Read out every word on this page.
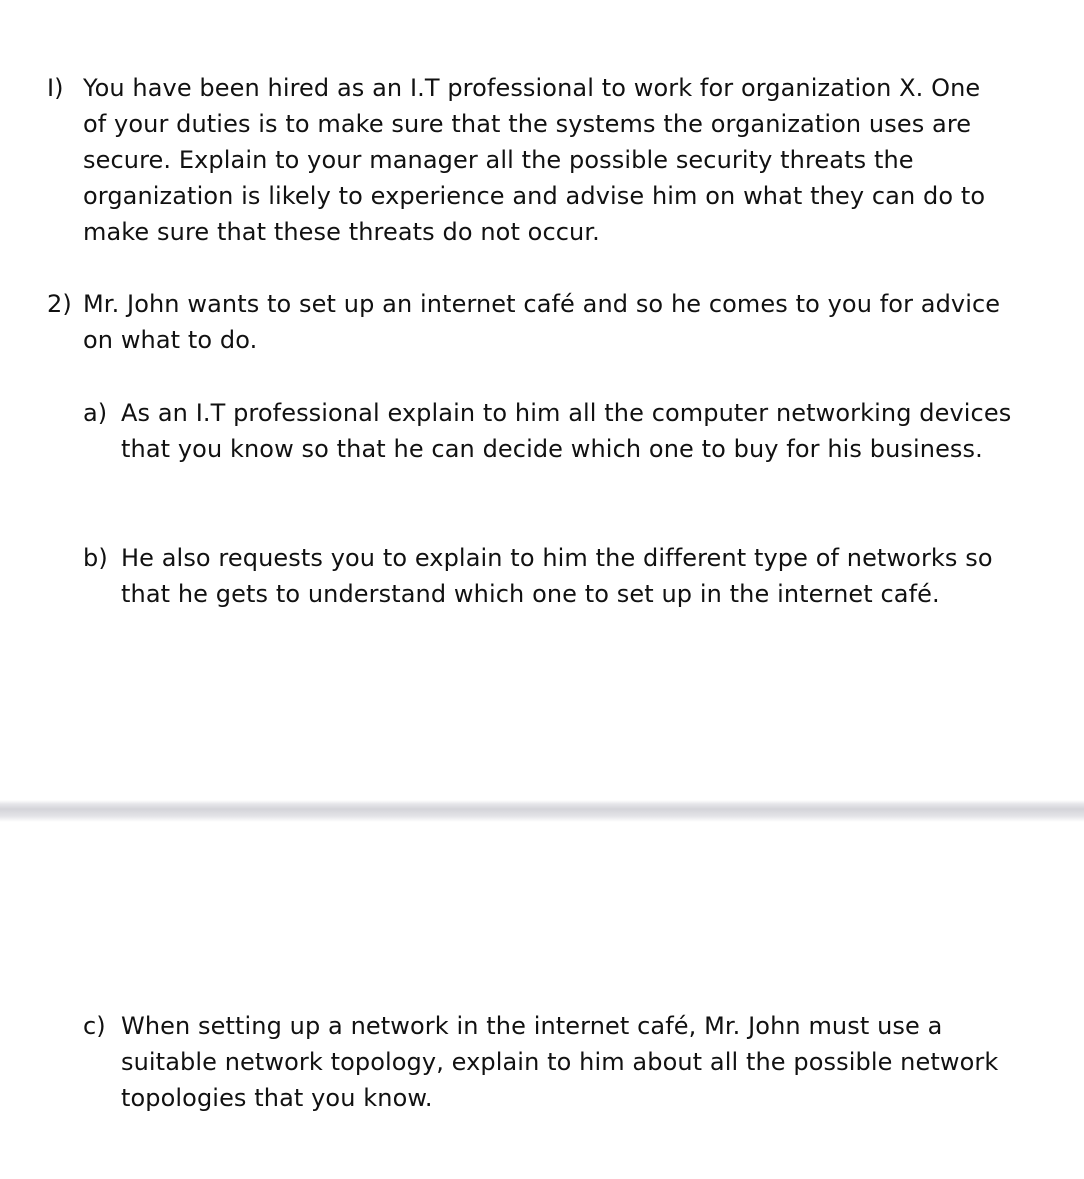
I) You have been hired as an I.T professional to work for organization X. One of your duties is to make sure that the systems the organization uses are secure. Explain to your manager all the possible security threats the organization is likely to experience and advise him on what they can do to make sure that these threats do not occur.
2) Mr. John wants to set up an internet café and so he comes to you for advice on what to do.
a) As an I.T professional explain to him all the computer networking devices that you know so that he can decide which one to buy for his business.
b) He also requests you to explain to him the different type of networks so that he gets to understand which one to set up in the internet café.
c) When setting up a network in the internet café, Mr. John must use a suitable network topology, explain to him about all the possible network topologies that you know.
